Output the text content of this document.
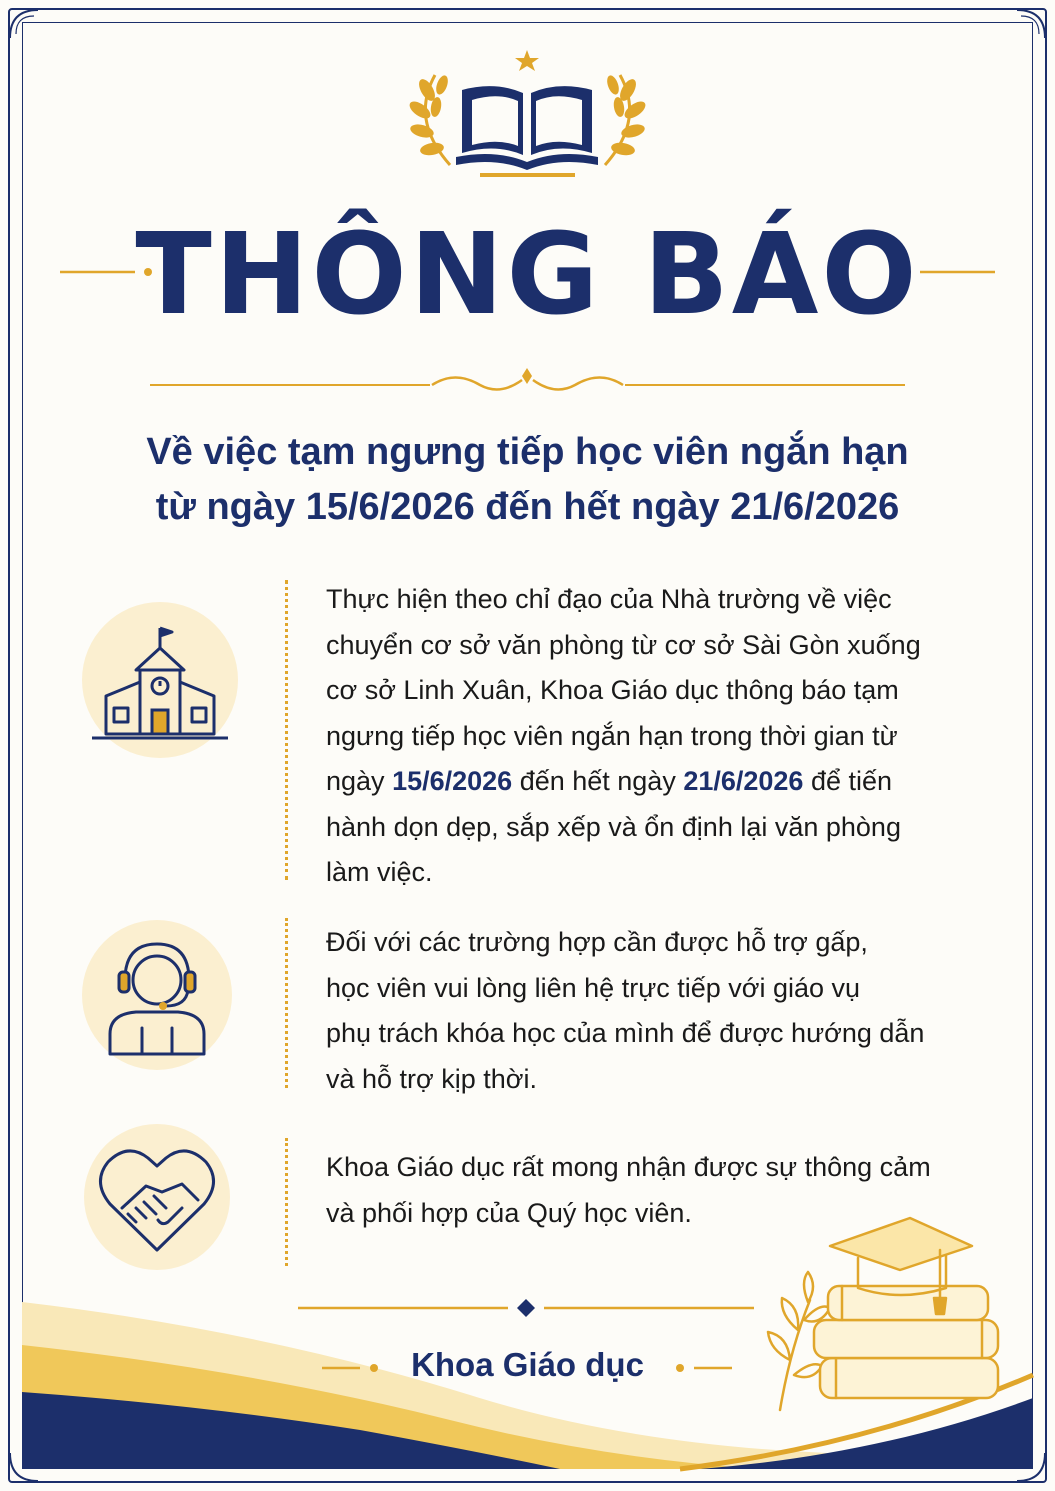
THÔNG BÁO
Về việc tạm ngưng tiếp học viên ngắn hạn
từ ngày 15/6/2026 đến hết ngày 21/6/2026
Thực hiện theo chỉ đạo của Nhà trường về việc
chuyển cơ sở văn phòng từ cơ sở Sài Gòn xuống
cơ sở Linh Xuân, Khoa Giáo dục thông báo tạm
ngưng tiếp học viên ngắn hạn trong thời gian từ
ngày 15/6/2026 đến hết ngày 21/6/2026 để tiến
hành dọn dẹp, sắp xếp và ổn định lại văn phòng
làm việc.
Đối với các trường hợp cần được hỗ trợ gấp,
học viên vui lòng liên hệ trực tiếp với giáo vụ
phụ trách khóa học của mình để được hướng dẫn
và hỗ trợ kịp thời.
Khoa Giáo dục rất mong nhận được sự thông cảm
và phối hợp của Quý học viên.
Khoa Giáo dục
